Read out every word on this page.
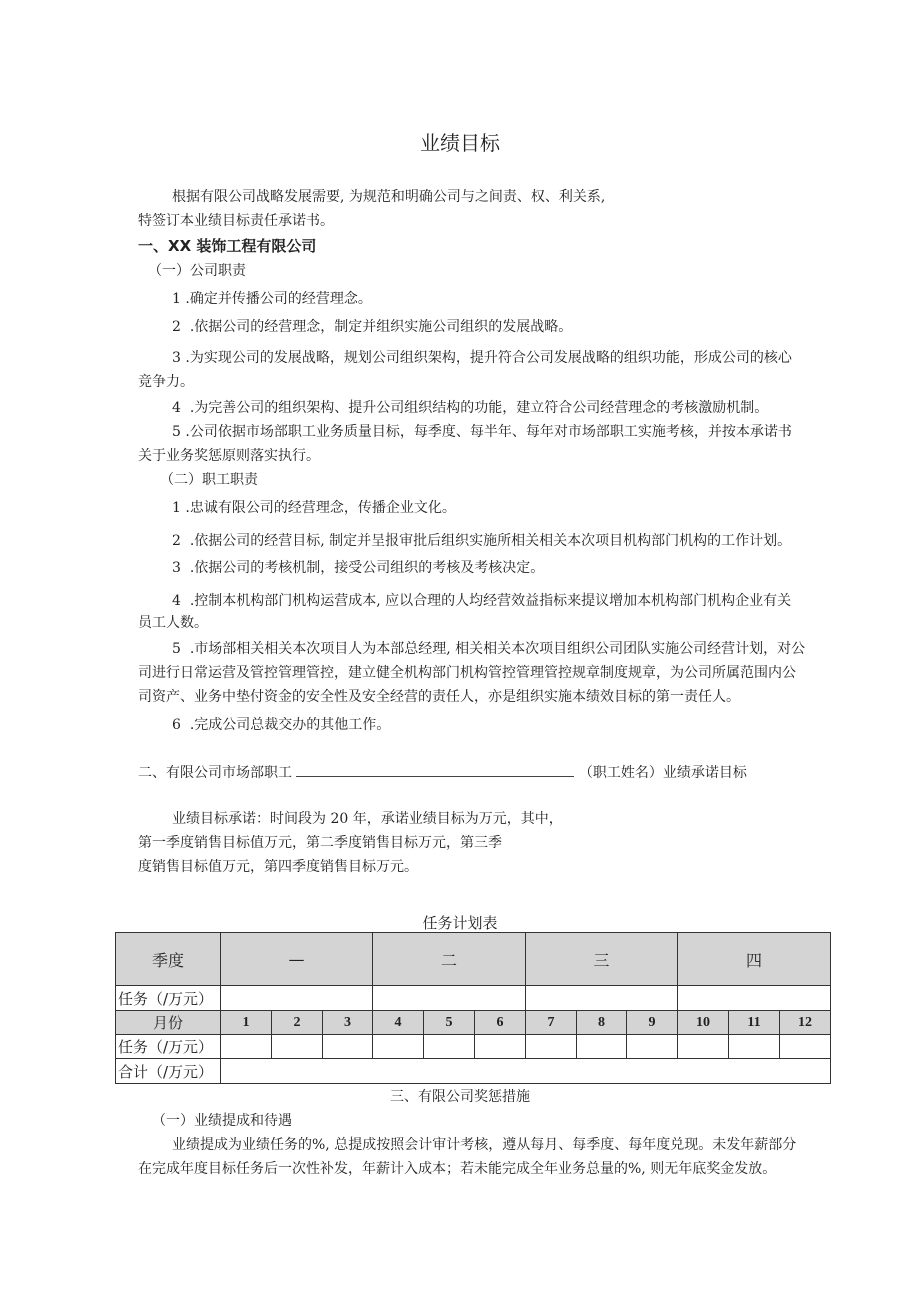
业绩目标
根据有限公司战略发展需要, 为规范和明确公司与之间责、权、利关系,
特签订本业绩目标责任承诺书。
一、XX 装饰工程有限公司
（一）公司职责
1 .确定并传播公司的经营理念。
2 .依据公司的经营理念，制定并组织实施公司组织的发展战略。
3 .为实现公司的发展战略，规划公司组织架构，提升符合公司发展战略的组织功能，形成公司的核心
竞争力。
4 .为完善公司的组织架构、提升公司组织结构的功能，建立符合公司经营理念的考核激励机制。
5 .公司依据市场部职工业务质量目标，每季度、每半年、每年对市场部职工实施考核，并按本承诺书
关于业务奖惩原则落实执行。
（二）职工职责
1 .忠诚有限公司的经营理念，传播企业文化。
2 .依据公司的经营目标, 制定并呈报审批后组织实施所相关相关本次项目机构部门机构的工作计划。
3 .依据公司的考核机制，接受公司组织的考核及考核决定。
4 .控制本机构部门机构运营成本, 应以合理的人均经营效益指标来提议增加本机构部门机构企业有关
员工人数。
5 .市场部相关相关本次项目人为本部总经理, 相关相关本次项目组织公司团队实施公司经营计划，对公
司进行日常运营及管控管理管控，建立健全机构部门机构管控管理管控规章制度规章，为公司所属范围内公
司资产、业务中垫付资金的安全性及安全经营的责任人，亦是组织实施本绩效目标的第一责任人。
6 .完成公司总裁交办的其他工作。
二、有限公司市场部职工	（职工姓名）业绩承诺目标
业绩目标承诺：时间段为 20 年，承诺业绩目标为万元，其中，
第一季度销售目标值万元，第二季度销售目标万元，第三季
度销售目标值万元，第四季度销售目标万元。
任务计划表
季度	—			二			三			四		
任务（/万元）												
月份	1	2	3	4	5	6	7	8	9	10	11	12
任务（/万元）												
合计（/万元）												
三、有限公司奖惩措施
（一）业绩提成和待遇
业绩提成为业绩任务的%, 总提成按照会计审计考核，遵从每月、每季度、每年度兑现。未发年薪部分
在完成年度目标任务后一次性补发，年薪计入成本；若未能完成全年业务总量的%, 则无年底奖金发放。
